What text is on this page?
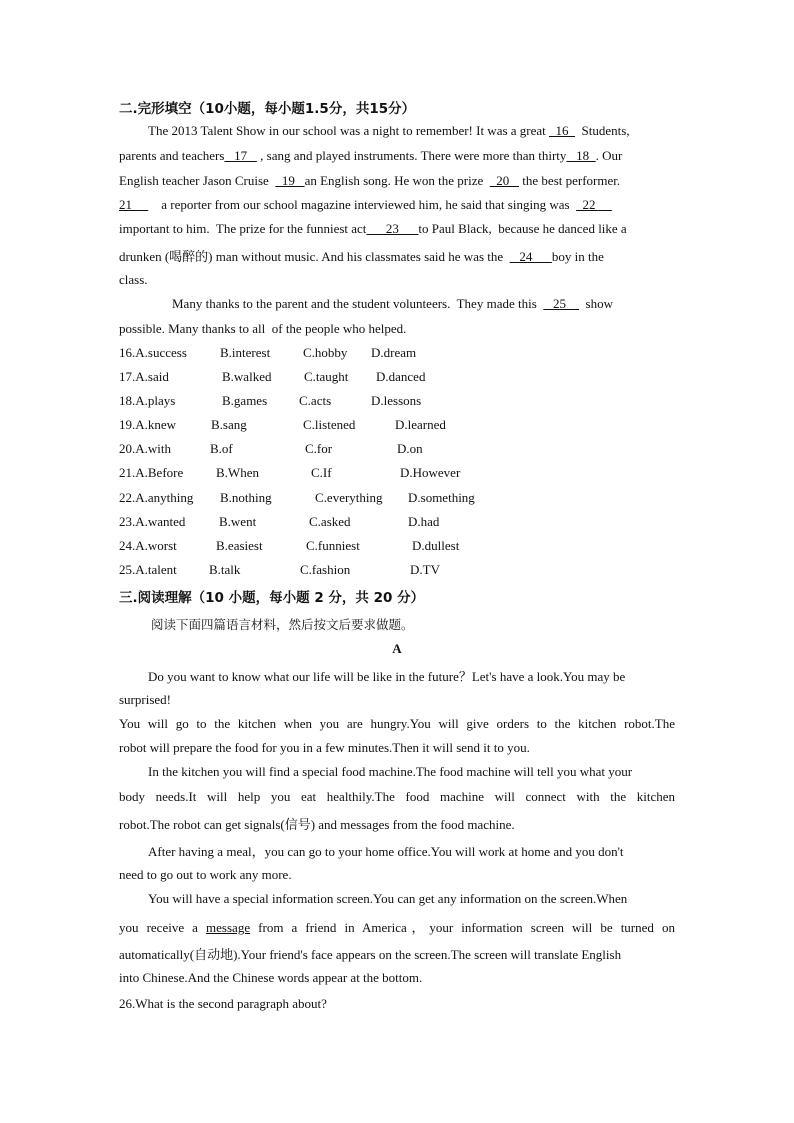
二.完形填空（10小题，每小题1.5分，共15分）
The 2013 Talent Show in our school was a night to remember! It was a great   16    Students,
parents and teachers   17    , sang and played instruments. There were more than thirty   18  . Our
English teacher Jason Cruise    19   an English song. He won the prize    20    the best performer.
21         a reporter from our school magazine interviewed him, he said that singing was    22
important to him.  The prize for the funniest act      23      to Paul Black,  because he danced like a
drunken (喝醉的) man without music. And his classmates said he was the     24      boy in the
class.
Many thanks to the parent and the student volunteers.  They made this     25      show
possible. Many thanks to all  of the people who helped.
16.A.success	B.interest	C.hobby D.dream
17.A.said	B.walked	C.taught D.danced
18.A.plays	B.games C.acts	D.lessons
19.A.knew	B.sang	C.listened	D.learned
20.A.with	B.of	C.for	D.on
21.A.Before	B.When	C.If	D.However
22.A.anything B.nothing	C.everything D.something
23.A.wanted	B.went	C.asked	D.had
24.A.worst	B.easiest	C.funniest	D.dullest
25.A.talent B.talk	C.fashion	D.TV
三.阅读理解（10 小题，每小题 2 分，共 20 分）
阅读下面四篇语言材料，然后按文后要求做题。
A
Do you want to know what our life will be like in the future？Let's have a look.You may be
surprised!
You will go to the kitchen when you are hungry.You will give orders to the kitchen robot.The
robot will prepare the food for you in a few minutes.Then it will send it to you.
In the kitchen you will find a special food machine.The food machine will tell you what your
body needs.It will help you eat healthily.The food machine will connect with the kitchen
robot.The robot can get signals(信号) and messages from the food machine.
After having a meal，you can go to your home office.You will work at home and you don't
need to go out to work any more.
You will have a special information screen.You can get any information on the screen.When
you receive a message from a friend in America，your information screen will be turned on
automatically(自动地).Your friend's face appears on the screen.The screen will translate English
into Chinese.And the Chinese words appear at the bottom.
26.What is the second paragraph about?
